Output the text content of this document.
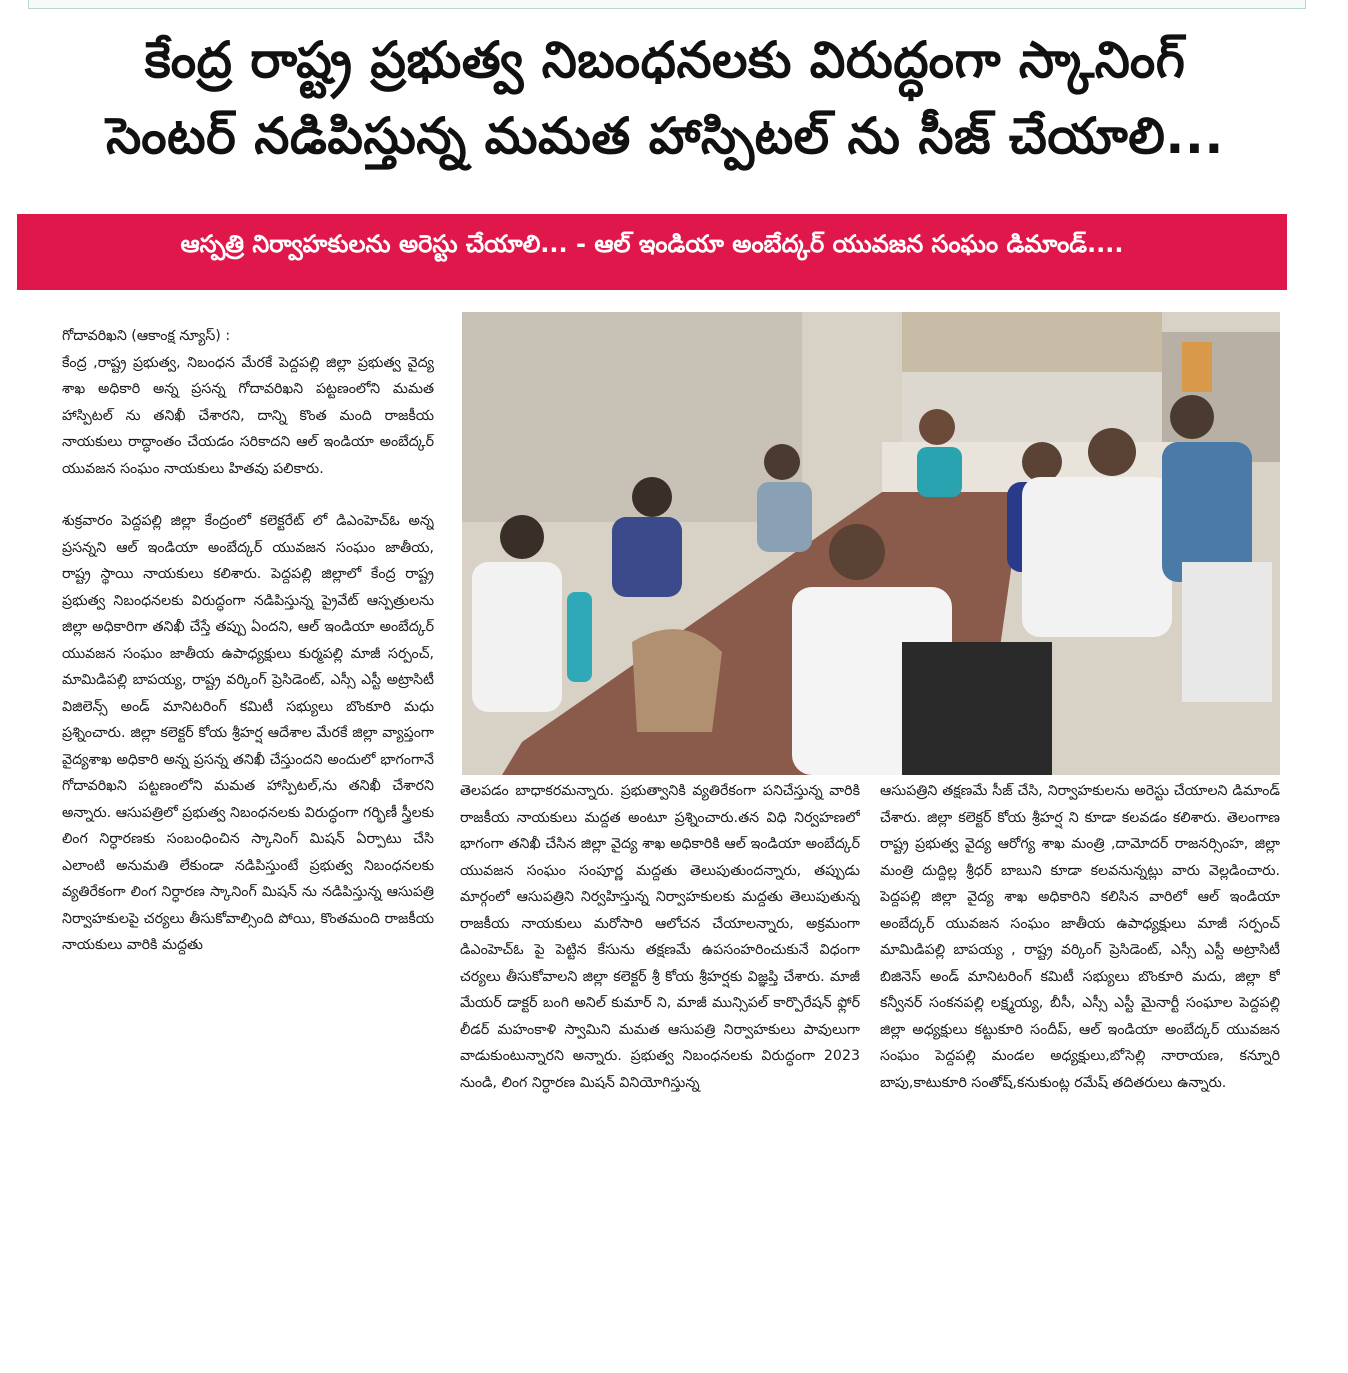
కేంద్ర రాష్ట్ర ప్రభుత్వ నిబంధనలకు విరుద్ధంగా స్కానింగ్
సెంటర్ నడిపిస్తున్న మమత హాస్పిటల్ ను సీజ్ చేయాలి...
ఆస్పత్రి నిర్వాహకులను అరెస్టు చేయాలి... - ఆల్ ఇండియా అంబేద్కర్ యువజన సంఘం డిమాండ్....

గోదావరిఖని (ఆకాంక్ష న్యూస్) :

కేంద్ర ,రాష్ట్ర ప్రభుత్వ, నిబంధన మేరకే పెద్దపల్లి జిల్లా ప్రభుత్వ వైద్య శాఖ అధికారి అన్న ప్రసన్న గోదావరిఖని పట్టణంలోని మమత హాస్పిటల్ ను తనిఖీ చేశారని, దాన్ని కొంత మంది రాజకీయ నాయకులు రాద్ధాంతం చేయడం సరికాదని ఆల్ ఇండియా అంబేద్కర్ యువజన సంఘం నాయకులు హితవు పలికారు.

శుక్రవారం పెద్దపల్లి జిల్లా కేంద్రంలో కలెక్టరేట్ లో డిఎంహెచ్ఓ అన్న ప్రసన్నని ఆల్ ఇండియా అంబేద్కర్ యువజన సంఘం జాతీయ, రాష్ట్ర స్థాయి నాయకులు కలిశారు. పెద్దపల్లి జిల్లాలో కేంద్ర రాష్ట్ర ప్రభుత్వ నిబంధనలకు విరుద్ధంగా నడిపిస్తున్న ప్రైవేట్ ఆస్పత్రులను జిల్లా అధికారిగా తనిఖీ చేస్తే తప్పు ఏందని, ఆల్ ఇండియా అంబేద్కర్ యువజన సంఘం జాతీయ ఉపాధ్యక్షులు కుర్మపల్లి మాజీ సర్పంచ్, మామిడిపల్లి బాపయ్య, రాష్ట్ర వర్కింగ్ ప్రెసిడెంట్, ఎస్సీ ఎస్టీ అట్రాసిటీ విజిలెన్స్ అండ్ మానిటరింగ్ కమిటీ సభ్యులు బొంకూరి మధు ప్రశ్నించారు. జిల్లా కలెక్టర్ కోయ శ్రీహర్ష ఆదేశాల మేరకే జిల్లా వ్యాప్తంగా వైద్యశాఖ అధికారి అన్న ప్రసన్న తనిఖీ చేస్తుందని అందులో భాగంగానే గోదావరిఖని పట్టణంలోని మమత హాస్పిటల్,ను తనిఖీ చేశారని అన్నారు. ఆసుపత్రిలో ప్రభుత్వ నిబంధనలకు విరుద్ధంగా గర్భిణీ స్త్రీలకు లింగ నిర్ధారణకు సంబంధించిన స్కానింగ్ మిషన్ ఏర్పాటు చేసి ఎలాంటి అనుమతి లేకుండా నడిపిస్తుంటే ప్రభుత్వ నిబంధనలకు వ్యతిరేకంగా లింగ నిర్ధారణ స్కానింగ్ మిషన్ ను నడిపిస్తున్న ఆసుపత్రి నిర్వాహకులపై చర్యలు తీసుకోవాల్సింది పోయి, కొంతమంది రాజకీయ నాయకులు వారికి మద్దతు

తెలపడం బాధాకరమన్నారు. ప్రభుత్వానికి వ్యతిరేకంగా పనిచేస్తున్న వారికి రాజకీయ నాయకులు మద్దత అంటూ ప్రశ్నించారు.తన విధి నిర్వహణలో భాగంగా తనిఖీ చేసిన జిల్లా వైద్య శాఖ అధికారికి ఆల్ ఇండియా అంబేద్కర్ యువజన సంఘం సంపూర్ణ మద్దతు తెలుపుతుందన్నారు, తప్పుడు మార్గంలో ఆసుపత్రిని నిర్వహిస్తున్న నిర్వాహకులకు మద్దతు తెలుపుతున్న రాజకీయ నాయకులు మరోసారి ఆలోచన చేయాలన్నారు, అక్రమంగా డిఎంహెచ్ఓ పై పెట్టిన కేసును తక్షణమే ఉపసంహరించుకునే విధంగా చర్యలు తీసుకోవాలని జిల్లా కలెక్టర్ శ్రీ కోయ శ్రీహర్షకు విజ్ఞప్తి చేశారు. మాజీ మేయర్ డాక్టర్ బంగి అనిల్ కుమార్ ని, మాజీ మున్సిపల్ కార్పొరేషన్ ఫ్లోర్ లీడర్ మహంకాళి స్వామిని మమత ఆసుపత్రి నిర్వాహకులు పావులుగా వాడుకుంటున్నారని అన్నారు. ప్రభుత్వ నిబంధనలకు విరుద్ధంగా 2023 నుండి, లింగ నిర్ధారణ మిషన్ వినియోగిస్తున్న

ఆసుపత్రిని తక్షణమే సీజ్ చేసి, నిర్వాహకులను అరెస్టు చేయాలని డిమాండ్ చేశారు. జిల్లా కలెక్టర్ కోయ శ్రీహర్ష ని కూడా కలవడం కలిశారు. తెలంగాణ రాష్ట్ర ప్రభుత్వ వైద్య ఆరోగ్య శాఖ మంత్రి ,దామోదర్ రాజనర్సింహ, జిల్లా మంత్రి దుద్దిల్ల శ్రీధర్ బాబుని కూడా కలవనున్నట్లు వారు వెల్లడించారు. పెద్దపల్లి జిల్లా వైద్య శాఖ అధికారిని కలిసిన వారిలో ఆల్ ఇండియా అంబేద్కర్ యువజన సంఘం జాతీయ ఉపాధ్యక్షులు మాజీ సర్పంచ్ మామిడిపల్లి బాపయ్య , రాష్ట్ర వర్కింగ్ ప్రెసిడెంట్, ఎస్సీ ఎస్టీ అట్రాసిటీ బిజినెస్ అండ్ మానిటరింగ్ కమిటీ సభ్యులు బొంకూరి మదు, జిల్లా కో కన్వీనర్ సంకనపల్లి లక్ష్మయ్య, బీసీ, ఎస్సీ ఎస్టీ మైనార్టీ సంఘాల పెద్దపల్లి జిల్లా అధ్యక్షులు కట్టుకూరి సందీప్, ఆల్ ఇండియా అంబేద్కర్ యువజన సంఘం పెద్దపల్లి మండల అధ్యక్షులు,బోసెల్లి నారాయణ, కన్నూరి బాపు,కాటుకూరి సంతోష్,కనుకుంట్ల రమేష్ తదితరులు ఉన్నారు.
